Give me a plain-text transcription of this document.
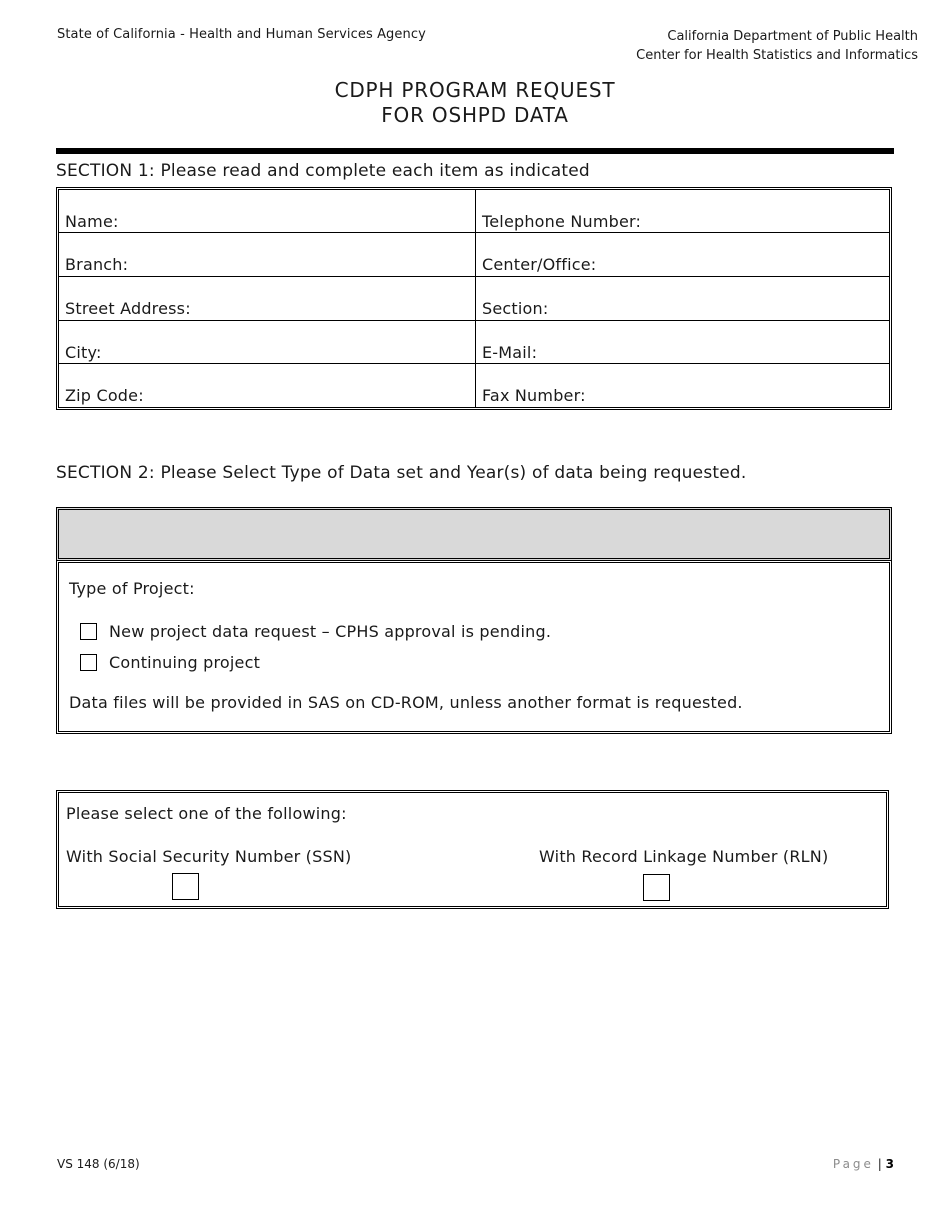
State of California - Health and Human Services Agency	California Department of Public Health
Center for Health Statistics and Informatics
CDPH PROGRAM REQUEST
FOR OSHPD DATA
SECTION 1: Please read and complete each item as indicated
Name:	Telephone Number:
Branch:	Center/Office:
Street Address:	Section:
City:	E-Mail:
Zip Code:	Fax Number:
SECTION 2: Please Select Type of Data set and Year(s) of data being requested.
Type of Project:
New project data request – CPHS approval is pending.
Continuing project
Data files will be provided in SAS on CD-ROM, unless another format is requested.
Please select one of the following:
With Social Security Number (SSN)	With Record Linkage Number (RLN)
VS 148 (6/18)	Page | 3
